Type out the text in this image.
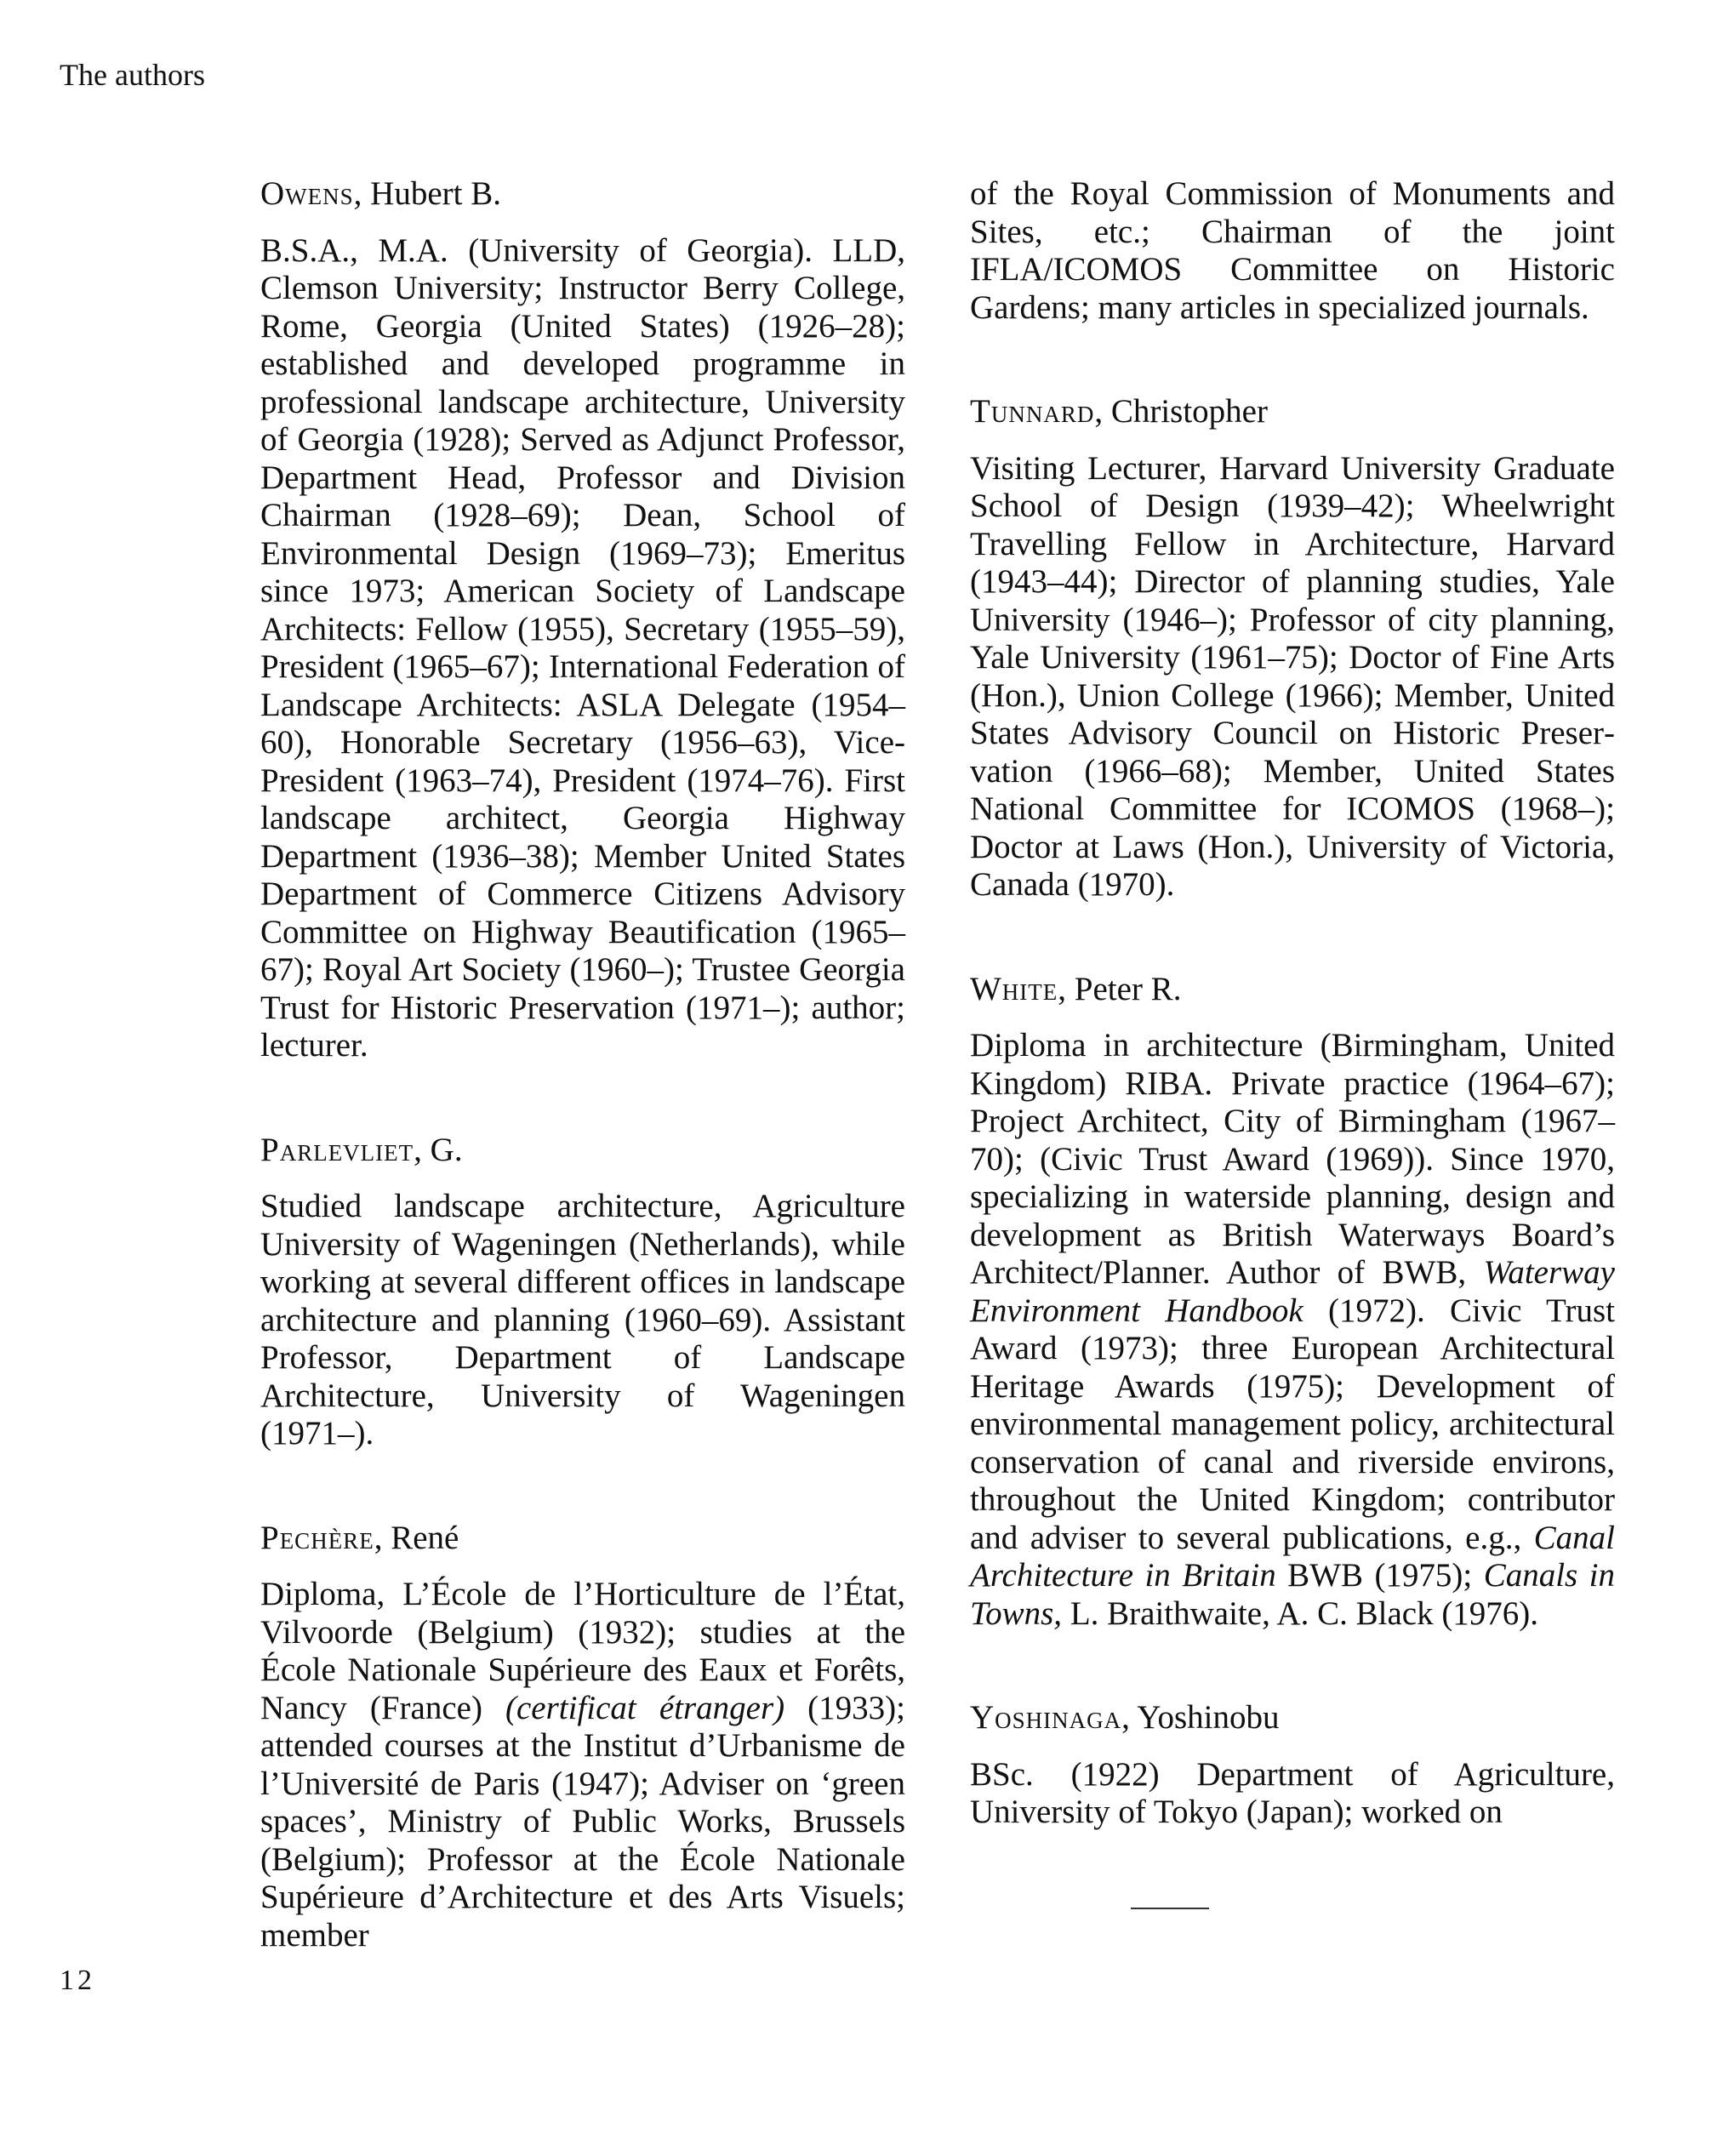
The authors

Owens, Hubert B.

B.S.A., M.A. (University of Georgia). LLD, Clemson University; Instructor Berry College, Rome, Georgia (United States) (1926–28); established and developed programme in professional landscape architecture, University of Georgia (1928); Served as Adjunct Professor, Department Head, Professor and Division Chairman (1928–69); Dean, School of Environmental Design (1969–73); Emeritus since 1973; American Society of Landscape Architects: Fellow (1955), Secretary (1955–59), President (1965–67); International Federation of Landscape Architects: ASLA Delegate (1954–60), Honorable Secretary (1956–63), Vice-President (1963–74), President (1974–76). First landscape architect, Georgia Highway Department (1936–38); Member United States Department of Commerce Citizens Advisory Committee on Highway Beautification (1965–67); Royal Art Society (1960–); Trustee Georgia Trust for Historic Preservation (1971–); author; lecturer.

Parlevliet, G.

Studied landscape architecture, Agriculture University of Wageningen (Netherlands), while working at several different offices in landscape architecture and planning (1960–69). Assistant Professor, Department of Landscape Architecture, University of Wageningen (1971–).

Pechère, René

Diploma, L’École de l’Horticulture de l’État, Vilvoorde (Belgium) (1932); studies at the École Nationale Supérieure des Eaux et Forêts, Nancy (France) (certificat étranger) (1933); attended courses at the Institut d’Urbanisme de l’Université de Paris (1947); Adviser on ‘green spaces’, Ministry of Public Works, Brussels (Belgium); Professor at the École Nationale Supérieure d’Architecture et des Arts Visuels; member

of the Royal Commission of Monuments and Sites, etc.; Chairman of the joint IFLA/ICOMOS Committee on Historic Gardens; many articles in specialized journals.

Tunnard, Christopher

Visiting Lecturer, Harvard University Graduate School of Design (1939–42); Wheelwright Travelling Fellow in Architecture, Harvard (1943–44); Director of planning studies, Yale University (1946–); Professor of city planning, Yale University (1961–75); Doctor of Fine Arts (Hon.), Union College (1966); Member, United States Advisory Council on Historic Preservation (1966–68); Member, United States National Committee for ICOMOS (1968–); Doctor at Laws (Hon.), University of Victoria, Canada (1970).

White, Peter R.

Diploma in architecture (Birmingham, United Kingdom) RIBA. Private practice (1964–67); Project Architect, City of Birmingham (1967–70); (Civic Trust Award (1969)). Since 1970, specializing in waterside planning, design and development as British Waterways Board’s Architect/Planner. Author of BWB, Waterway Environment Handbook (1972). Civic Trust Award (1973); three European Architectural Heritage Awards (1975); Development of environmental management policy, architectural conservation of canal and riverside environs, throughout the United Kingdom; contributor and adviser to several publications, e.g., Canal Architecture in Britain BWB (1975); Canals in Towns, L. Braithwaite, A. C. Black (1976).

Yoshinaga, Yoshinobu

BSc. (1922) Department of Agriculture, University of Tokyo (Japan); worked on

12
